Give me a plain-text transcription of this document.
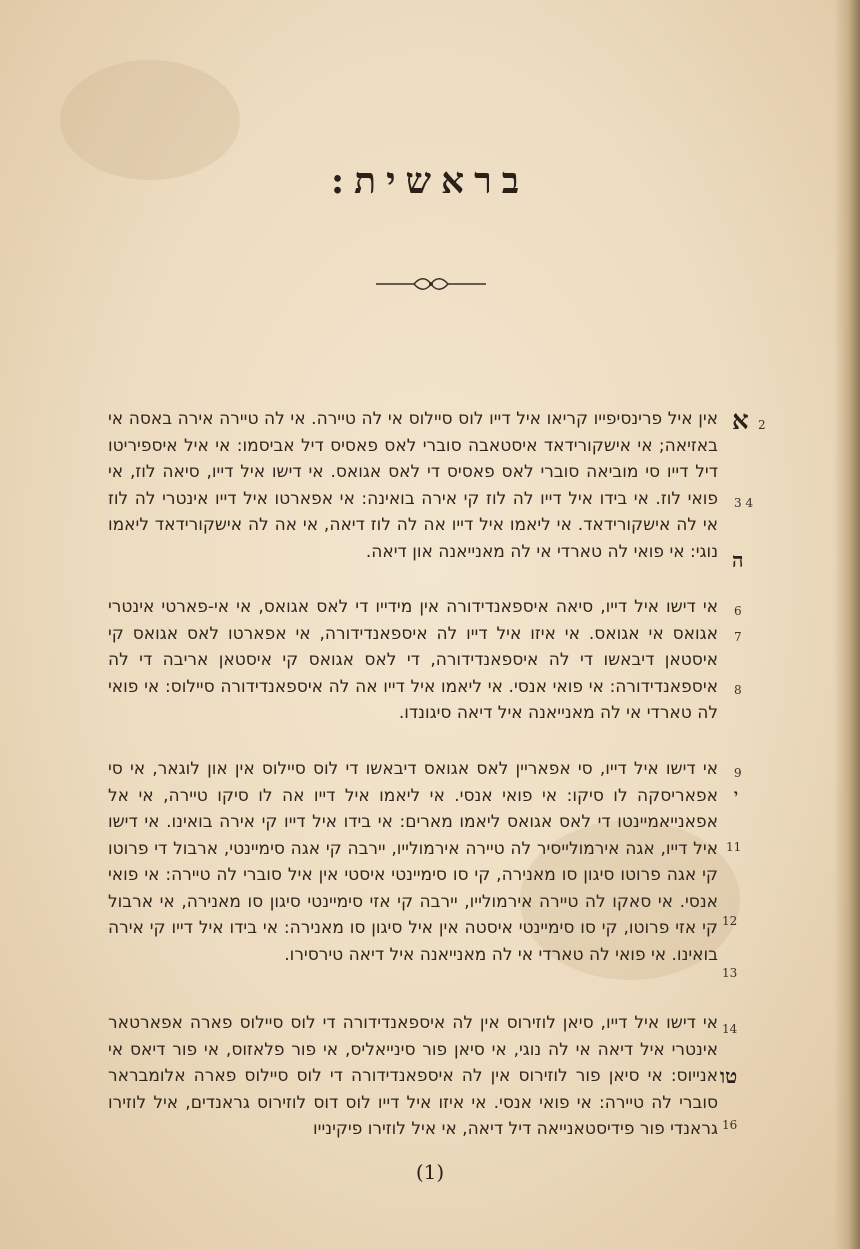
בראשית:
א 2
3 4
ה
6
7
8
9
י
11
12
13
14
טו
16
אין איל פרינסיפייו קריאו איל דייו לוס סיילוס אי לה טיירה. אי לה טיירה אירה באסה אי באזיאה; אי אישקורידאד איסטאבה סוברי לאס פאסיס דיל אביסמו: אי איל איספיריטו דיל דייו סי מוביאה סוברי לאס פאסיס די לאס אגואס. אי דישו איל דייו, סיאה לוז, אי פואי לוז. אי בידו איל דייו לה לוז קי אירה בואינה: אי אפארטו איל דייו אינטרי לה לוז אי לה אישקורידאד. אי ליאמו איל דייו אה לה לוז דיאה, אי אה לה אישקורידאד ליאמו נוגי: אי פואי לה טארדי אי לה מאנייאנה און דיאה.
אי דישו איל דייו, סיאה איספאנדידורה אין מידייו די לאס אגואס, אי אי-פארטי אינטרי אגואס אי אגואס. אי איזו איל דייו לה איספאנדידורה, אי אפארטו לאס אגואס קי איסטאן דיבאשו די לה איספאנדידורה, די לאס אגואס קי איסטאן אריבה די לה איספאנדידורה: אי פואי אנסי. אי ליאמו איל דייו אה לה איספאנדידורה סיילוס: אי פואי לה טארדי אי לה מאנייאנה איל דיאה סיגונדו.
אי דישו איל דייו, סי אפאריין לאס אגואס דיבאשו די לוס סיילוס אין און לוגאר, אי סי אפאריסקה לו סיקו: אי פואי אנסי. אי ליאמו איל דייו אה לו סיקו טיירה, אי אל אפאנייאמיינטו די לאס אגואס ליאמו מארים: אי בידו איל דייו קי אירה בואינו. אי דישו איל דייו, אגה אירמולייסיר לה טיירה אירמולייו, יירבה קי אגה סימיינטי, ארבול די פרוטו קי אגה פרוטו סיגון סו מאנירה, קי סו סימיינטי איסטי אין איל סוברי לה טיירה: אי פואי אנסי. אי סאקו לה טיירה אירמולייו, יירבה קי אזי סימיינטי סיגון סו מאנירה, אי ארבול קי אזי פרוטו, קי סו סימיינטי איסטה אין איל סיגון סו מאנירה: אי בידו איל דייו קי אירה בואינו. אי פואי לה טארדי אי לה מאנייאנה איל דיאה טירסירו.
אי דישו איל דייו, סיאן לוזירוס אין לה איספאנדידורה די לוס סיילוס פארה אפארטאר אינטרי איל דיאה אי לה נוגי, אי סיאן פור סינייאליס, אי פור פלאזוס, אי פור דיאס אי אנייוס: אי סיאן פור לוזירוס אין לה איספאנדידורה די לוס סיילוס פארה אלומבראר סוברי לה טיירה: אי פואי אנסי. אי איזו איל דייו לוס דוס לוזירוס גראנדים, איל לוזירו גראנדי פור פידיסטאנייאה דיל דיאה, אי איל לוזירו פיקינייו
(1)
